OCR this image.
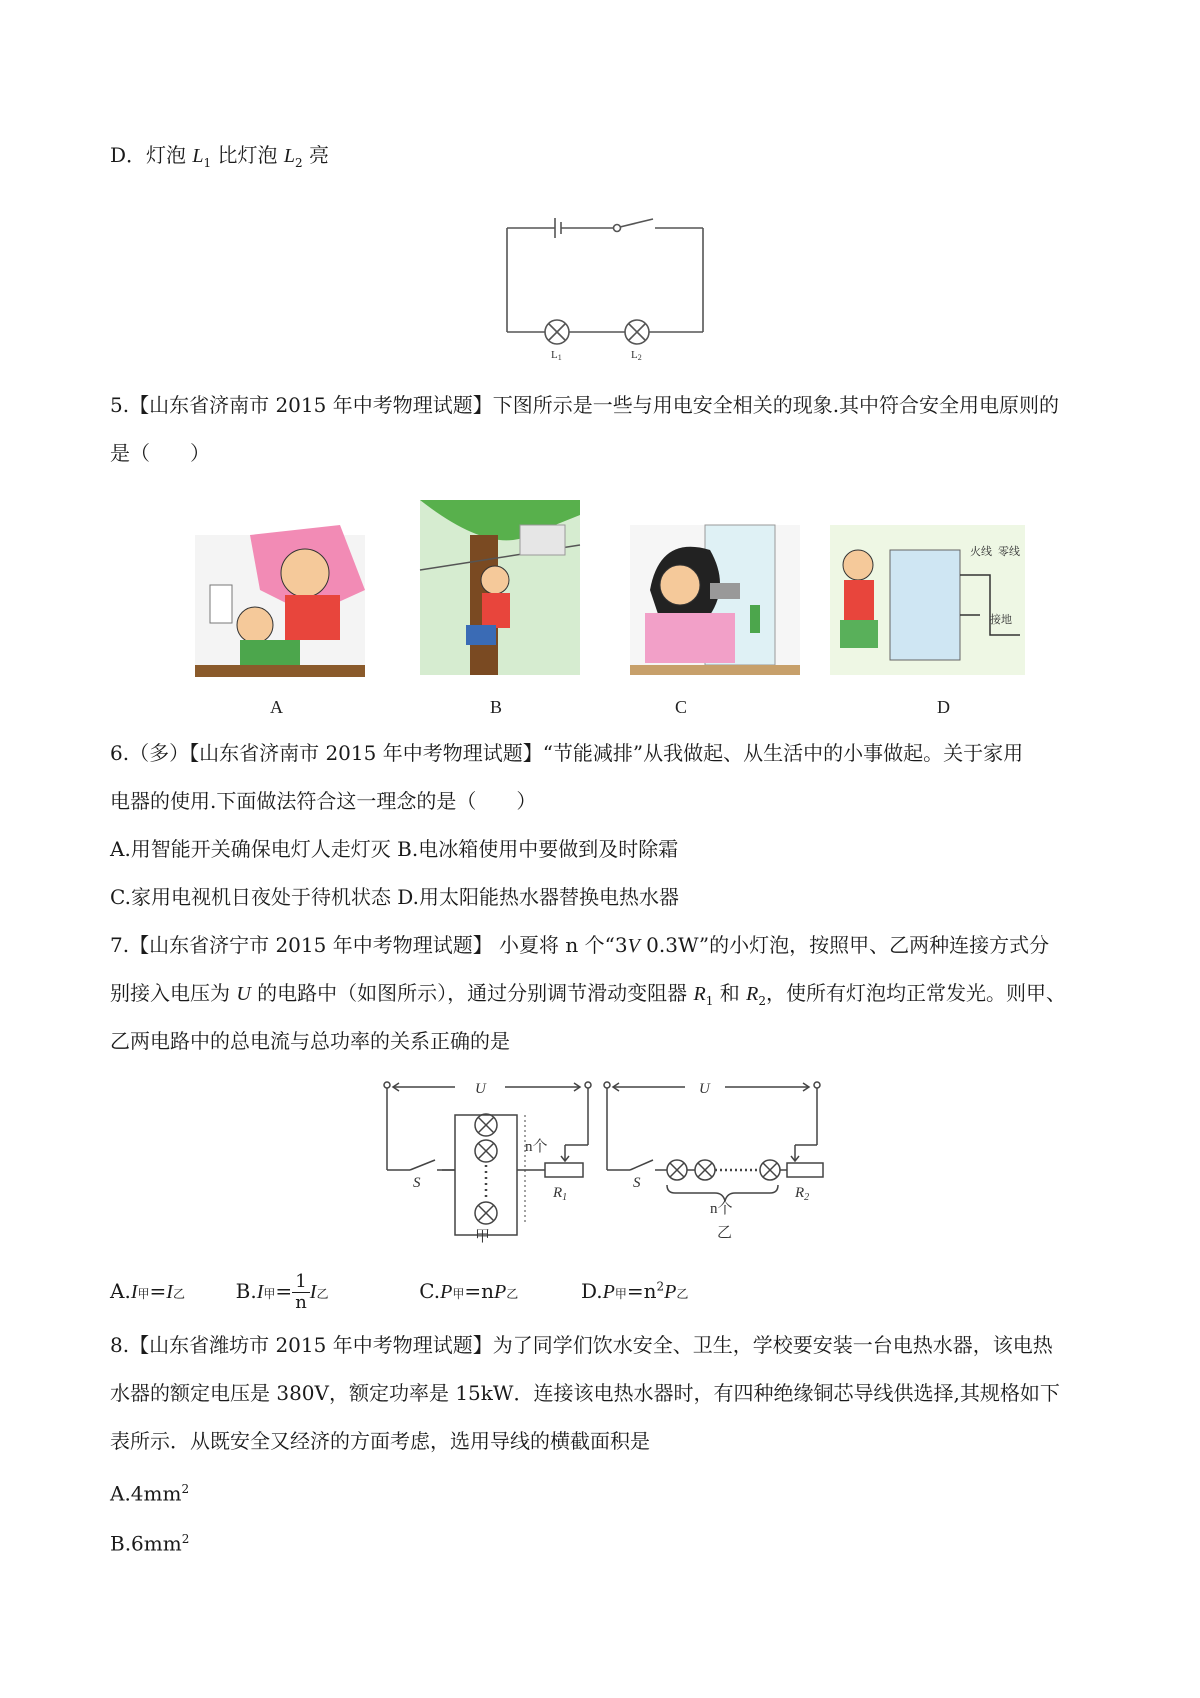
D．灯泡 $L_1$ 比灯泡 $L_2$ 亮
L1	L2
5.【山东省济南市 2015 年中考物理试题】下图所示是一些与用电安全相关的现象.其中符合安全用电原则的
是（　　）
火线 零线
接地
A	B	C	D
6.（多）【山东省济南市 2015 年中考物理试题】“节能减排”从我做起、从生活中的小事做起。关于家用
电器的使用.下面做法符合这一理念的是（　　）
A.用智能开关确保电灯人走灯灭 B.电冰箱使用中要做到及时除霜
C.家用电视机日夜处于待机状态 D.用太阳能热水器替换电热水器
7.【山东省济宁市 2015 年中考物理试题】 小夏将 n 个“3V 0.3W”的小灯泡，按照甲、乙两种连接方式分
别接入电压为 U 的电路中（如图所示），通过分别调节滑动变阻器 $R_1$ 和 $R_2$，使所有灯泡均正常发光。则甲、
乙两电路中的总电流与总功率的关系正确的是
U	U
S	S
n个
n个
甲	乙
$R_1$	$R_2$
A.I甲=I乙	B.I甲= $\frac{1}{n}$ I乙	C.P甲=nP乙	D.P甲$=n^2P$乙
8.【山东省潍坊市 2015 年中考物理试题】为了同学们饮水安全、卫生，学校要安装一台电热水器，该电热
水器的额定电压是 380V，额定功率是 15kW．连接该电热水器时，有四种绝缘铜芯导线供选择,其规格如下
表所示．从既安全又经济的方面考虑，选用导线的横截面积是
$A.4mm^2$
$B.6mm^2$
